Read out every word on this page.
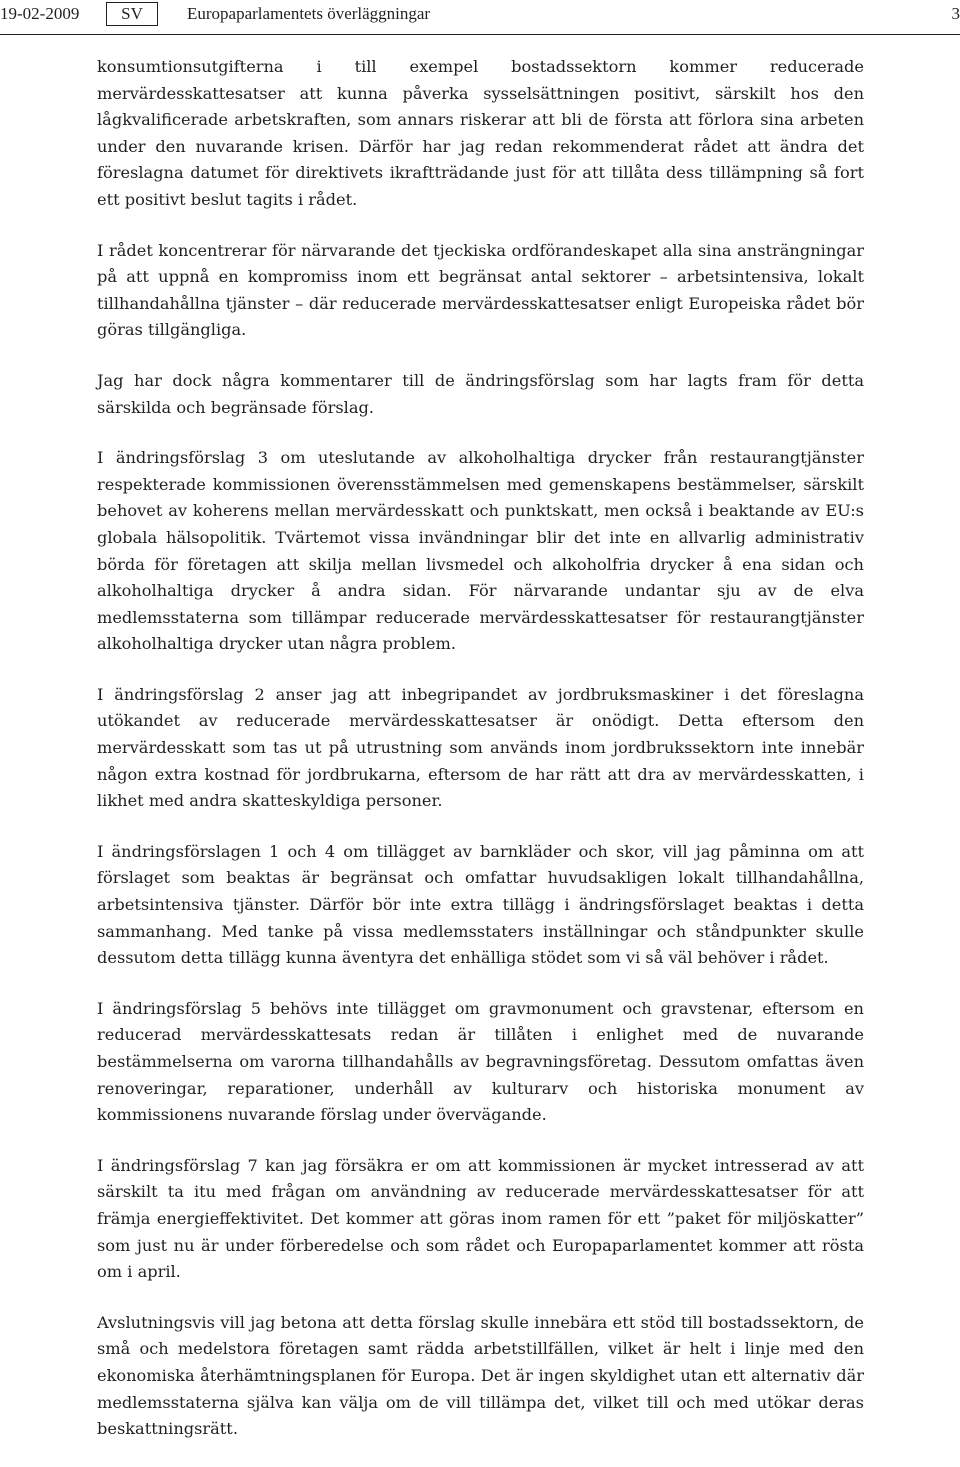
19-02-2009	SV	Europaparlamentets överläggningar	3

konsumtionsutgifterna i till exempel bostadssektorn kommer reducerade mervärdesskattesatser att kunna påverka sysselsättningen positivt, särskilt hos den lågkvalificerade arbetskraften, som annars riskerar att bli de första att förlora sina arbeten under den nuvarande krisen. Därför har jag redan rekommenderat rådet att ändra det föreslagna datumet för direktivets ikraftträdande just för att tillåta dess tillämpning så fort ett positivt beslut tagits i rådet.

I rådet koncentrerar för närvarande det tjeckiska ordförandeskapet alla sina ansträngningar på att uppnå en kompromiss inom ett begränsat antal sektorer – arbetsintensiva, lokalt tillhandahållna tjänster – där reducerade mervärdesskattesatser enligt Europeiska rådet bör göras tillgängliga.

Jag har dock några kommentarer till de ändringsförslag som har lagts fram för detta särskilda och begränsade förslag.

I ändringsförslag 3 om uteslutande av alkoholhaltiga drycker från restaurangtjänster respekterade kommissionen överensstämmelsen med gemenskapens bestämmelser, särskilt behovet av koherens mellan mervärdesskatt och punktskatt, men också i beaktande av EU:s globala hälsopolitik. Tvärtemot vissa invändningar blir det inte en allvarlig administrativ börda för företagen att skilja mellan livsmedel och alkoholfria drycker å ena sidan och alkoholhaltiga drycker å andra sidan. För närvarande undantar sju av de elva medlemsstaterna som tillämpar reducerade mervärdesskattesatser för restaurangtjänster alkoholhaltiga drycker utan några problem.

I ändringsförslag 2 anser jag att inbegripandet av jordbruksmaskiner i det föreslagna utökandet av reducerade mervärdesskattesatser är onödigt. Detta eftersom den mervärdesskatt som tas ut på utrustning som används inom jordbrukssektorn inte innebär någon extra kostnad för jordbrukarna, eftersom de har rätt att dra av mervärdesskatten, i likhet med andra skatteskyldiga personer.

I ändringsförslagen 1 och 4 om tillägget av barnkläder och skor, vill jag påminna om att förslaget som beaktas är begränsat och omfattar huvudsakligen lokalt tillhandahållna, arbetsintensiva tjänster. Därför bör inte extra tillägg i ändringsförslaget beaktas i detta sammanhang. Med tanke på vissa medlemsstaters inställningar och ståndpunkter skulle dessutom detta tillägg kunna äventyra det enhälliga stödet som vi så väl behöver i rådet.

I ändringsförslag 5 behövs inte tillägget om gravmonument och gravstenar, eftersom en reducerad mervärdesskattesats redan är tillåten i enlighet med de nuvarande bestämmelserna om varorna tillhandahålls av begravningsföretag. Dessutom omfattas även renoveringar, reparationer, underhåll av kulturarv och historiska monument av kommissionens nuvarande förslag under övervägande.

I ändringsförslag 7 kan jag försäkra er om att kommissionen är mycket intresserad av att särskilt ta itu med frågan om användning av reducerade mervärdesskattesatser för att främja energieffektivitet. Det kommer att göras inom ramen för ett ”paket för miljöskatter” som just nu är under förberedelse och som rådet och Europaparlamentet kommer att rösta om i april.

Avslutningsvis vill jag betona att detta förslag skulle innebära ett stöd till bostadssektorn, de små och medelstora företagen samt rädda arbetstillfällen, vilket är helt i linje med den ekonomiska återhämtningsplanen för Europa. Det är ingen skyldighet utan ett alternativ där medlemsstaterna själva kan välja om de vill tillämpa det, vilket till och med utökar deras beskattningsrätt.
